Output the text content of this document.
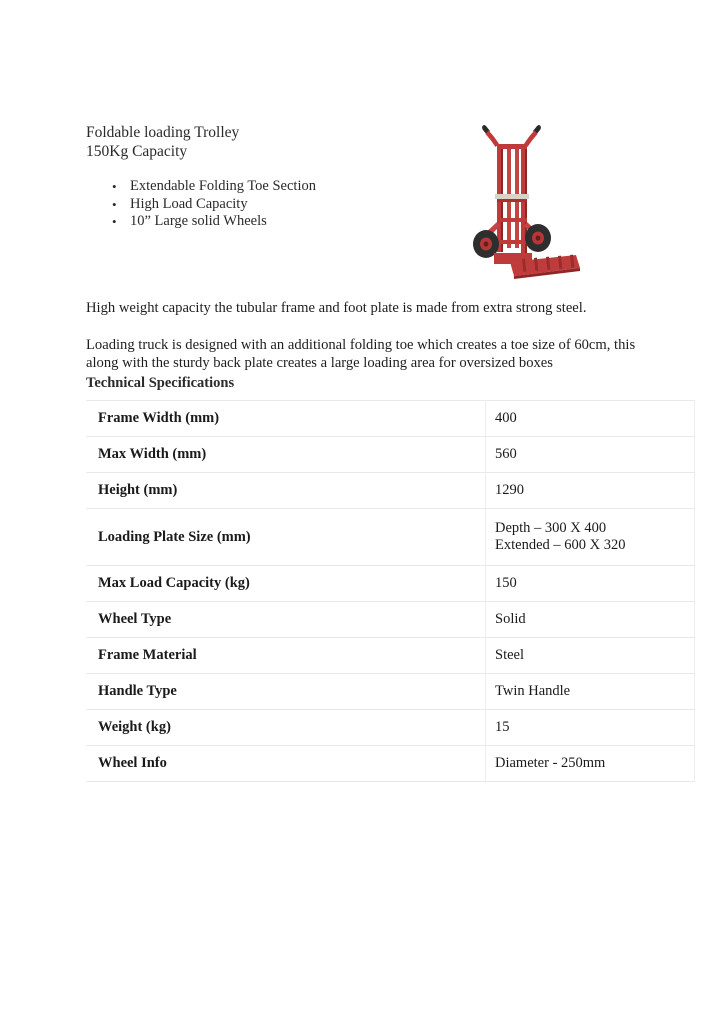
Foldable loading Trolley
150Kg Capacity
• Extendable Folding Toe Section
• High Load Capacity
• 10” Large solid Wheels

High weight capacity the tubular frame and foot plate is made from extra strong steel.

Loading truck is designed with an additional folding toe which creates a toe size of 60cm, this along with the sturdy back plate creates a large loading area for oversized boxes

Technical Specifications
Frame Width (mm)	400

Max Width (mm)	560

Height (mm)	1290

Loading Plate Size (mm)	Depth – 300 X 400
Extended – 600 X 320

Max Load Capacity (kg)	150

Wheel Type	Solid

Frame Material	Steel

Handle Type	Twin Handle

Weight (kg)	15

Wheel Info	Diameter - 250mm
